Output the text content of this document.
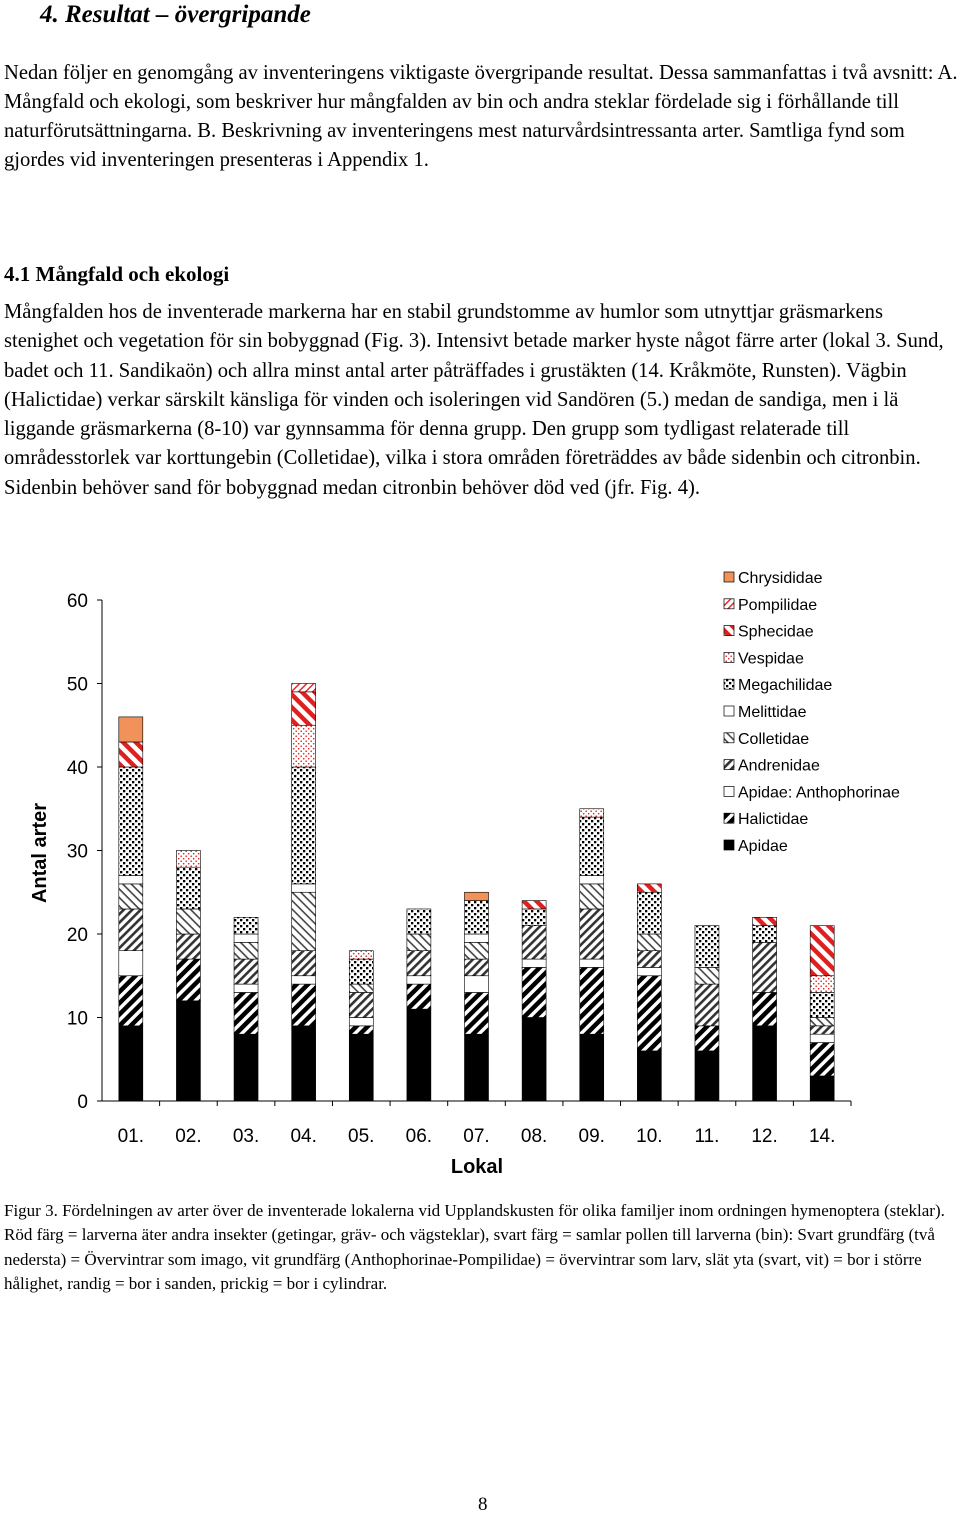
4. Resultat – övergripande

Nedan följer en genomgång av inventeringens viktigaste övergripande resultat. Dessa sammanfattas i två avsnitt: A. Mångfald och ekologi, som beskriver hur mångfalden av bin och andra steklar fördelade sig i förhållande till naturförutsättningarna. B. Beskrivning av inventeringens mest naturvårdsintressanta arter. Samtliga fynd som gjordes vid inventeringen presenteras i Appendix 1.

4.1 Mångfald och ekologi

Mångfalden hos de inventerade markerna har en stabil grundstomme av humlor som utnyttjar gräsmarkens stenighet och vegetation för sin bobyggnad (Fig. 3). Intensivt betade marker hyste något färre arter (lokal 3. Sund, badet och 11. Sandikaön) och allra minst antal arter påträffades i grustäkten (14. Kråkmöte, Runsten). Vägbin (Halictidae) verkar särskilt känsliga för vinden och isoleringen vid Sandören (5.) medan de sandiga, men i lä liggande gräsmarkerna (8-10) var gynnsamma för denna grupp. Den grupp som tydligast relaterade till områdesstorlek var korttungebin (Colletidae), vilka i stora områden företräddes av både sidenbin och citronbin. Sidenbin behöver sand för bobyggnad medan citronbin behöver död ved (jfr. Fig. 4).

0
10
20
30
40
50
60
01. 02. 03. 04. 05. 06. 07. 08. 09. 10. 11. 12. 14.
Antal arter
Lokal
Chrysididae
Pompilidae
Sphecidae
Vespidae
Megachilidae
Melittidae
Colletidae
Andrenidae
Apidae: Anthophorinae
Halictidae
Apidae

Figur 3. Fördelningen av arter över de inventerade lokalerna vid Upplandskusten för olika familjer inom ordningen hymenoptera (steklar). Röd färg = larverna äter andra insekter (getingar, gräv- och vägsteklar), svart färg = samlar pollen till larverna (bin): Svart grundfärg (två nedersta) = Övervintrar som imago, vit grundfärg (Anthophorinae-Pompilidae) = övervintrar som larv, slät yta (svart, vit) = bor i större hålighet, randig = bor i sanden, prickig = bor i cylindrar.

8
